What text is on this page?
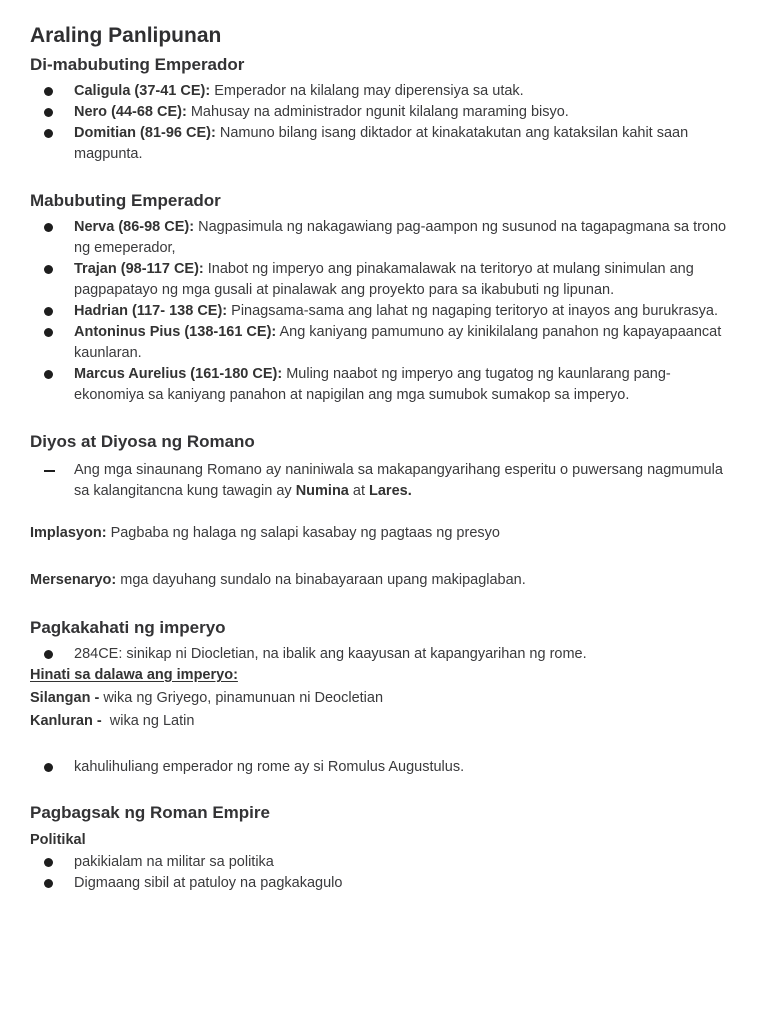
Araling Panlipunan
Di-mabubuting Emperador
Caligula (37-41 CE): Emperador na kilalang may diperensiya sa utak.
Nero (44-68 CE): Mahusay na administrador ngunit kilalang maraming bisyo.
Domitian (81-96 CE): Namuno bilang isang diktador at kinakatakutan ang kataksilan kahit saan magpunta.
Mabubuting Emperador
Nerva (86-98 CE): Nagpasimula ng nakagawiang pag-aampon ng susunod na tagapagmana sa trono ng emeperador,
Trajan (98-117 CE): Inabot ng imperyo ang pinakamalawak na teritoryo at mulang sinimulan ang pagpapatayo ng mga gusali at pinalawak ang proyekto para sa ikabubuti ng lipunan.
Hadrian (117- 138 CE): Pinagsama-sama ang lahat ng nagaping teritoryo at inayos ang burukrasya.
Antoninus Pius (138-161 CE): Ang kaniyang pamumuno ay kinikilalang panahon ng kapayapaancat kaunlaran.
Marcus Aurelius (161-180 CE): Muling naabot ng imperyo ang tugatog ng kaunlarang pang-ekonomiya sa kaniyang panahon at napigilan ang mga sumubok sumakop sa imperyo.
Diyos at Diyosa ng Romano
Ang mga sinaunang Romano ay naniniwala sa makapangyarihang esperitu o puwersang nagmumula sa kalangitancna kung tawagin ay Numina at Lares.

Implasyon: Pagbaba ng halaga ng salapi kasabay ng pagtaas ng presyo

Mersenaryo: mga dayuhang sundalo na binabayaraan upang makipaglaban.

Pagkakahati ng imperyo
284CE: sinikap ni Diocletian, na ibalik ang kaayusan at kapangyarihan ng rome.

Hinati sa dalawa ang imperyo:

Silangan - wika ng Griyego, pinamunuan ni Deocletian

Kanluran -  wika ng Latin

kahulihuliang emperador ng rome ay si Romulus Augustulus.
Pagbagsak ng Roman Empire

Politikal

pakikialam na militar sa politika
Digmaang sibil at patuloy na pagkakagulo
